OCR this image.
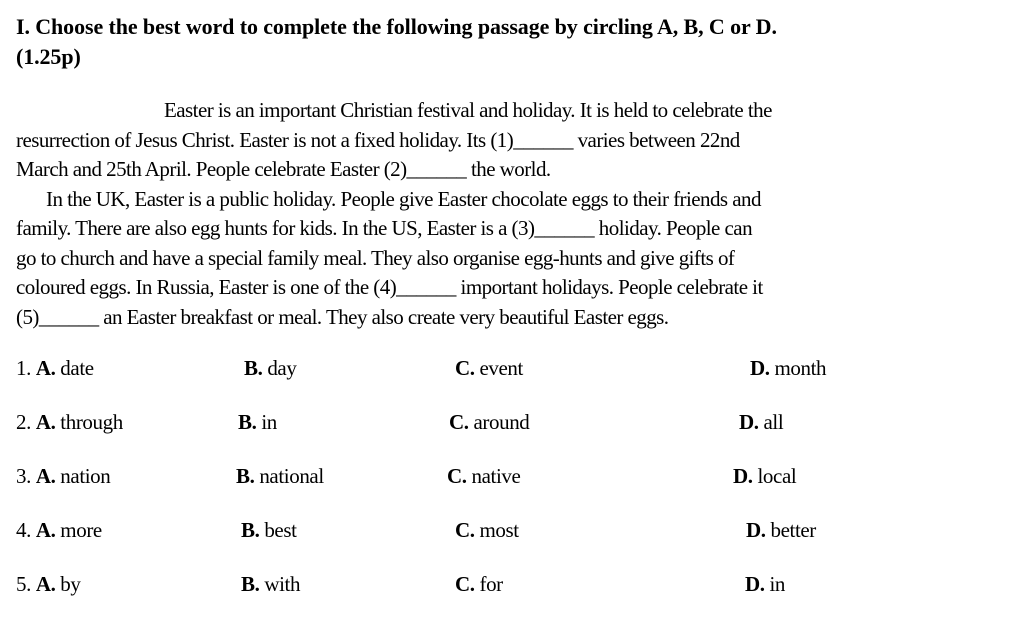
I. Choose the best word to complete the following passage by circling A, B, C or D.
(1.25p)
Easter is an important Christian festival and holiday. It is held to celebrate the
resurrection of Jesus Christ. Easter is not a fixed holiday. Its (1)______ varies between 22nd
March and 25th April. People celebrate Easter (2)______ the world.
In the UK, Easter is a public holiday. People give Easter chocolate eggs to their friends and
family. There are also egg hunts for kids. In the US, Easter is a (3)______ holiday. People can
go to church and have a special family meal. They also organise egg-hunts and give gifts of
coloured eggs. In Russia, Easter is one of the (4)______ important holidays. People celebrate it
(5)______ an Easter breakfast or meal. They also create very beautiful Easter eggs.
1. A. date	B. day	C. event	D. month
2. A. through	B. in	C. around	D. all
3. A. nation	B. national	C. native	D. local
4. A. more	B. best	C. most	D. better
5. A. by	B. with	C. for	D. in
